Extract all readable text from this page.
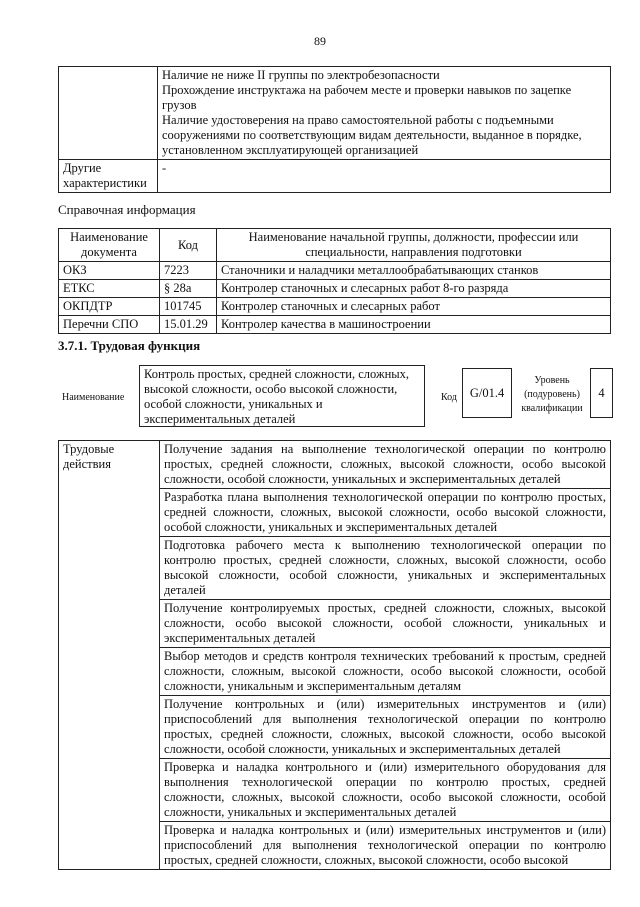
89

	Наличие не ниже II группы по электробезопасности
Прохождение инструктажа на рабочем месте и проверки навыков по зацепке грузов
Наличие удостоверения на право самостоятельной работы с подъемными сооружениями по соответствующим видам деятельности, выданное в порядке, установленном эксплуатирующей организацией

Другие характеристики	-
Справочная информация
Наименование документа	Код	Наименование начальной группы, должности, профессии или специальности, направления подготовки
ОКЗ	7223	Станочники и наладчики металлообрабатывающих станков
ЕТКС	§ 28а	Контролер станочных и слесарных работ 8-го разряда
ОКПДТР	101745	Контролер станочных и слесарных работ
Перечни СПО	15.01.29	Контролер качества в машиностроении
3.7.1. Трудовая функция
Наименование
Контроль простых, средней сложности, сложных, высокой сложности, особо высокой сложности, особой сложности, уникальных и экспериментальных деталей
Код	G/01.4
Уровень (подуровень) квалификации
4
Трудовые действия	Получение задания на выполнение технологической операции по контролю простых, средней сложности, сложных, высокой сложности, особо высокой сложности, особой сложности, уникальных и экспериментальных деталей
Разработка плана выполнения технологической операции по контролю простых, средней сложности, сложных, высокой сложности, особо высокой сложности, особой сложности, уникальных и экспериментальных деталей
Подготовка рабочего места к выполнению технологической операции по контролю простых, средней сложности, сложных, высокой сложности, особо высокой сложности, особой сложности, уникальных и экспериментальных деталей
Получение контролируемых простых, средней сложности, сложных, высокой сложности, особо высокой сложности, особой сложности, уникальных и экспериментальных деталей
Выбор методов и средств контроля технических требований к простым, средней сложности, сложным, высокой сложности, особо высокой сложности, особой сложности, уникальным и экспериментальным деталям
Получение контрольных и (или) измерительных инструментов и (или) приспособлений для выполнения технологической операции по контролю простых, средней сложности, сложных, высокой сложности, особо высокой сложности, особой сложности, уникальных и экспериментальных деталей
Проверка и наладка контрольного и (или) измерительного оборудования для выполнения технологической операции по контролю простых, средней сложности, сложных, высокой сложности, особо высокой сложности, особой сложности, уникальных и экспериментальных деталей
Проверка и наладка контрольных и (или) измерительных инструментов и (или) приспособлений для выполнения технологической операции по контролю простых, средней сложности, сложных, высокой сложности, особо высокой
